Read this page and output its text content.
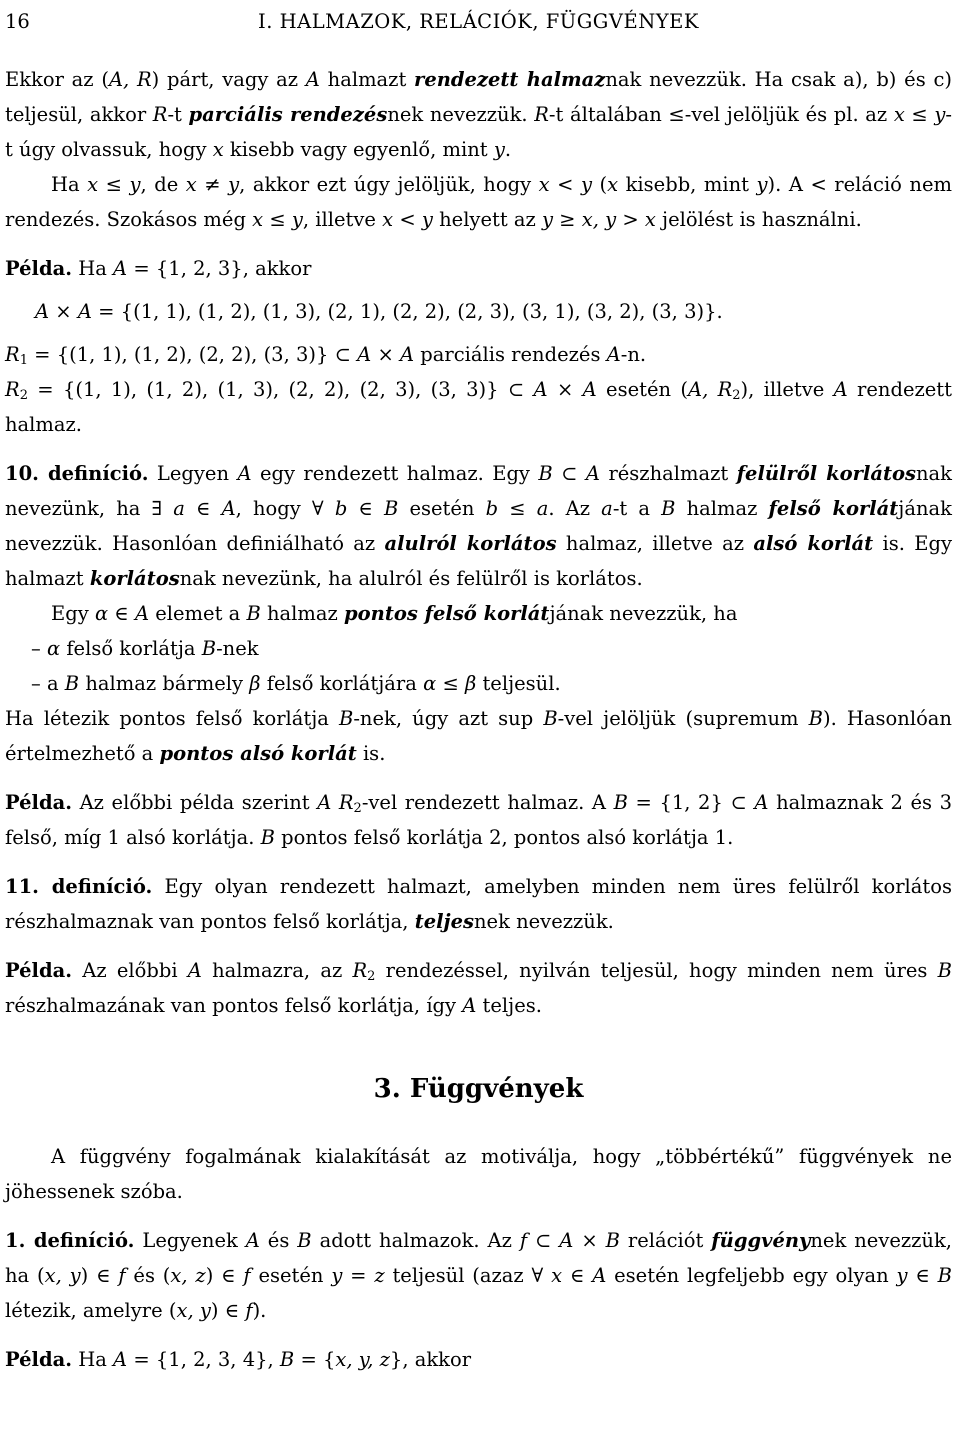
16	I. HALMAZOK, RELÁCIÓK, FÜGGVÉNYEK

Ekkor az (A, R) párt, vagy az A halmazt rendezett halmaznak nevezzük. Ha csak a), b) és c) teljesül, akkor R-t parciális rendezésnek nevezzük. R-t általában ≤-vel jelöljük és pl. az x ≤ y-t úgy olvassuk, hogy x kisebb vagy egyenlő, mint y.

Ha x ≤ y, de x ≠ y, akkor ezt úgy jelöljük, hogy x < y (x kisebb, mint y). A < reláció nem rendezés. Szokásos még x ≤ y, illetve x < y helyett az y ≥ x, y > x jelölést is használni.

Példa. Ha A = {1, 2, 3}, akkor

A × A = {(1, 1), (1, 2), (1, 3), (2, 1), (2, 2), (2, 3), (3, 1), (3, 2), (3, 3)}.

$R_1 = \{(1$, 1), (1, 2), (2, 2), (3, 3)} ⊂ A × A parciális rendezés A-n.

$R_2 = \{(1$, 1), (1, 2), (1, 3), (2, 2), (2, 3), (3, 3)} ⊂ A × A esetén (A, $R_2$), illetve A rendezett halmaz.

10. definíció. Legyen A egy rendezett halmaz. Egy B ⊂ A részhalmazt felülről korlátosnak nevezünk, ha ∃ a ∈ A, hogy ∀ b ∈ B esetén b ≤ a. Az a-t a B halmaz felső korlátjának nevezzük. Hasonlóan definiálható az alulról korlátos halmaz, illetve az alsó korlát is. Egy halmazt korlátosnak nevezünk, ha alulról és felülről is korlátos.

Egy α ∈ A elemet a B halmaz pontos felső korlátjának nevezzük, ha

– α felső korlátja B-nek

– a B halmaz bármely β felső korlátjára α ≤ β teljesül.

Ha létezik pontos felső korlátja B-nek, úgy azt sup B-vel jelöljük (supremum B). Hasonlóan értelmezhető a pontos alsó korlát is.

Példa. Az előbbi példa szerint A $R_2$-vel rendezett halmaz. A B = {1, 2} ⊂ A halmaznak 2 és 3 felső, míg 1 alsó korlátja. B pontos felső korlátja 2, pontos alsó korlátja 1.

11. definíció. Egy olyan rendezett halmazt, amelyben minden nem üres felülről korlátos részhalmaznak van pontos felső korlátja, teljesnek nevezzük.

Példa. Az előbbi A halmazra, az $R_2$ rendezéssel, nyilván teljesül, hogy minden nem üres B részhalmazának van pontos felső korlátja, így A teljes.

3. Függvények

A függvény fogalmának kialakítását az motiválja, hogy „többértékű” függvények ne jöhessenek szóba.

1. definíció. Legyenek A és B adott halmazok. Az f ⊂ A × B relációt függvénynek nevezzük, ha (x, y) ∈ f és (x, z) ∈ f esetén y = z teljesül (azaz ∀ x ∈ A esetén legfeljebb egy olyan y ∈ B létezik, amelyre (x, y) ∈ f).

Példa. Ha A = {1, 2, 3, 4}, B = {x, y, z}, akkor
